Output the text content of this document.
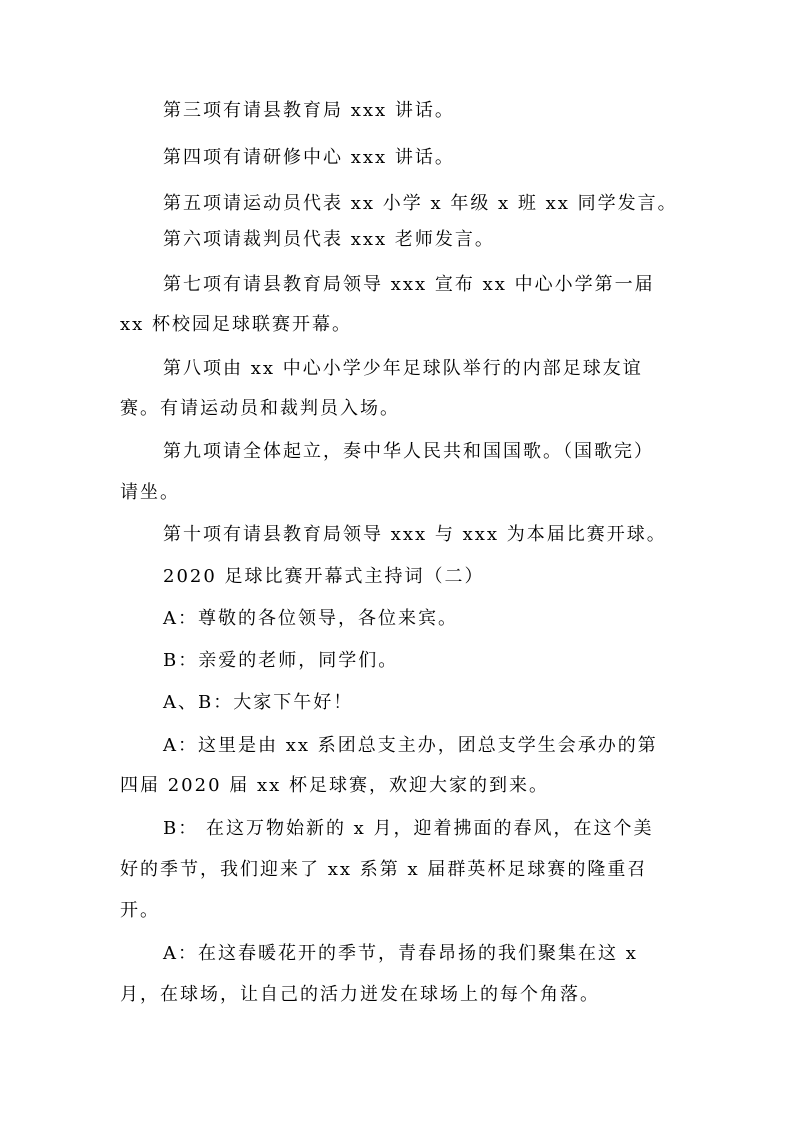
第三项有请县教育局 xxx 讲话。
第四项有请研修中心 xxx 讲话。
第五项请运动员代表 xx 小学 x 年级 x 班 xx 同学发言。
第六项请裁判员代表 xxx 老师发言。
第七项有请县教育局领导 xxx 宣布 xx 中心小学第一届
xx 杯校园足球联赛开幕。
第八项由 xx 中心小学少年足球队举行的内部足球友谊
赛。有请运动员和裁判员入场。
第九项请全体起立，奏中华人民共和国国歌。（国歌完）
请坐。
第十项有请县教育局领导 xxx 与 xxx 为本届比赛开球。
2020 足球比赛开幕式主持词（二）
A：尊敬的各位领导，各位来宾。
B：亲爱的老师，同学们。
A、B：大家下午好！
A：这里是由 xx 系团总支主办，团总支学生会承办的第
四届 2020 届 xx 杯足球赛，欢迎大家的到来。
B： 在这万物始新的 x 月，迎着拂面的春风，在这个美
好的季节，我们迎来了 xx 系第 x 届群英杯足球赛的隆重召
开。
A：在这春暖花开的季节，青春昂扬的我们聚集在这 x
月，在球场，让自己的活力迸发在球场上的每个角落。
